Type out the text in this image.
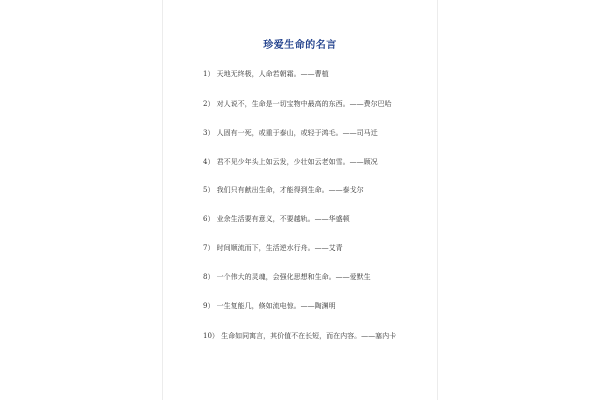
珍爱生命的名言
1） 天地无终极，人命若朝霜。——曹植
2） 对人说不，生命是一切宝物中最高的东西。——费尔巴哈
3） 人固有一死，或重于泰山，或轻于鸿毛。——司马迁
4） 君不见少年头上如云发，少壮如云老如雪。——顾况
5） 我们只有献出生命，才能得到生命。——泰戈尔
6） 业余生活要有意义，不要越轨。——华盛顿
7） 时间顺流而下，生活逆水行舟。——艾青
8） 一个伟大的灵魂，会强化思想和生命。——爱默生
9） 一生复能几，倏如流电惊。——陶渊明
10） 生命如同寓言，其价值不在长短，而在内容。——塞内卡
